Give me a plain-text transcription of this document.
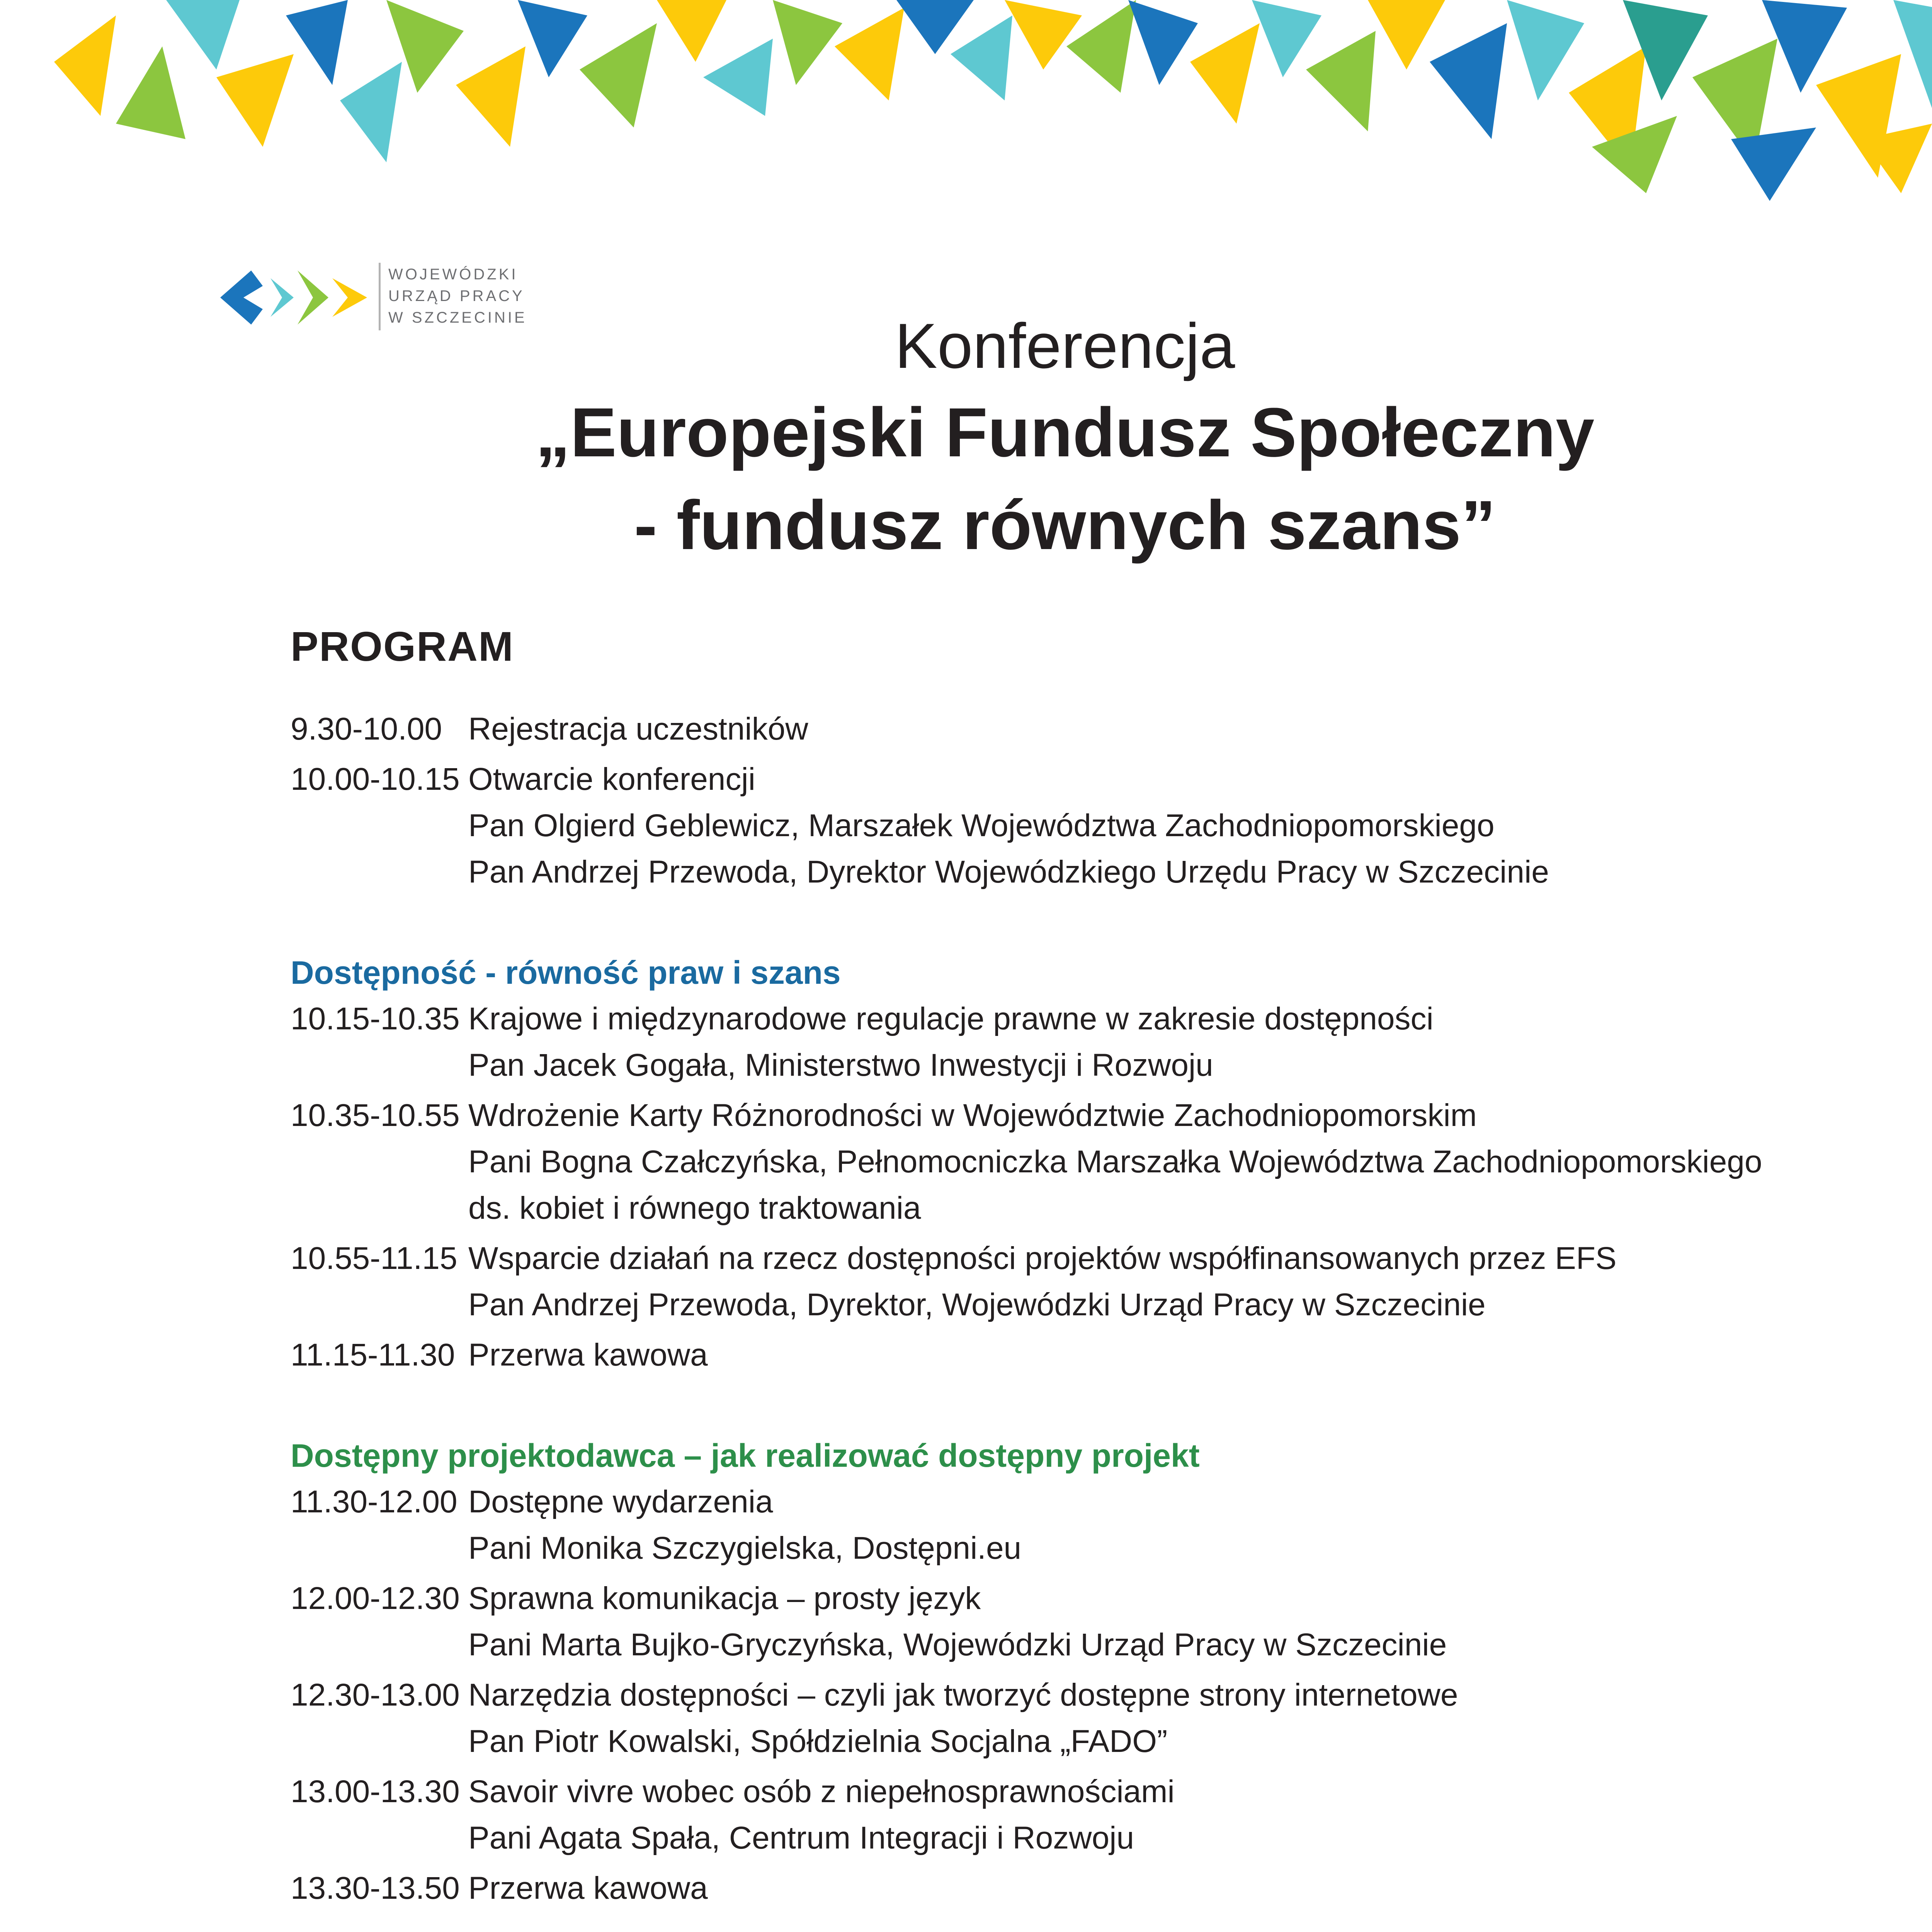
WOJEWÓDZKI
URZĄD PRACY
W SZCZECINIE	Konferencja
„Europejski Fundusz Społeczny
- fundusz równych szans”
PROGRAM
9.30-10.00 Rejestracja uczestników
10.00-10.15 Otwarcie konferencji
Pan Olgierd Geblewicz, Marszałek Województwa Zachodniopomorskiego
Pan Andrzej Przewoda, Dyrektor Wojewódzkiego Urzędu Pracy w Szczecinie
Dostępność - równość praw i szans
10.15-10.35 Krajowe i międzynarodowe regulacje prawne w zakresie dostępności
Pan Jacek Gogała, Ministerstwo Inwestycji i Rozwoju
10.35-10.55 Wdrożenie Karty Różnorodności w Województwie Zachodniopomorskim
Pani Bogna Czałczyńska, Pełnomocniczka Marszałka Województwa Zachodniopomorskiego
ds. kobiet i równego traktowania
10.55-11.15 Wsparcie działań na rzecz dostępności projektów współfinansowanych przez EFS
Pan Andrzej Przewoda, Dyrektor, Wojewódzki Urząd Pracy w Szczecinie
11.15-11.30 Przerwa kawowa
Dostępny projektodawca – jak realizować dostępny projekt
11.30-12.00 Dostępne wydarzenia
Pani Monika Szczygielska, Dostępni.eu
12.00-12.30 Sprawna komunikacja – prosty język
Pani Marta Bujko-Gryczyńska, Wojewódzki Urząd Pracy w Szczecinie
12.30-13.00 Narzędzia dostępności – czyli jak tworzyć dostępne strony internetowe
Pan Piotr Kowalski, Spółdzielnia Socjalna „FADO”
13.00-13.30 Savoir vivre wobec osób z niepełnosprawnościami
Pani Agata Spała, Centrum Integracji i Rozwoju
13.30-13.50 Przerwa kawowa
